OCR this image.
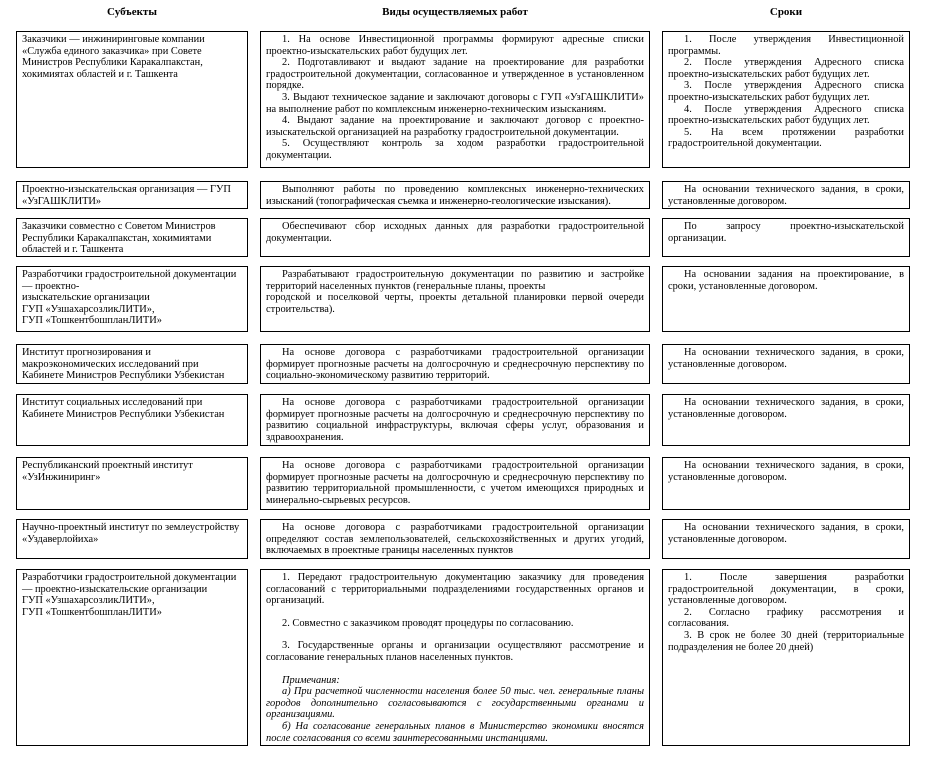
Субъекты	Виды осуществляемых работ	Сроки

Заказчики — инжиниринговые компании «Служба единого заказчика» при Совете Министров Республики Каракалпакстан, хокимиятах областей и г. Ташкента

1. На основе Инвестиционной программы формируют адресные списки проектно-изыскательских работ будущих лет.

2. Подготавливают и выдают задание на проектирование для разработки градостроительной документации, согласованное и утвержденное в установленном порядке.

3. Выдают техническое задание и заключают договоры с ГУП «УзГАШКЛИТИ» на выполнение работ по комплексным инженерно-техническим изысканиям.

4. Выдают задание на проектирование и заключают договор с проектно-изыскательской организацией на разработку градостроительной документации.

5. Осуществляют контроль за ходом разработки градостроительной документации.

1. После утверждения Инвестиционной программы.

2. После утверждения Адресного списка проектно-изыскательских работ будущих лет.

3. После утверждения Адресного списка проектно-изыскательских работ будущих лет.

4. После утверждения Адресного списка проектно-изыскательских работ будущих лет.

5. На всем протяжении разработки градостроительной документации.

Проектно-изыскательская организация — ГУП «УзГАШКЛИТИ»

Выполняют работы по проведению комплексных инженерно-технических изысканий (топографическая съемка и инженерно-геологические изыскания).

На основании технического задания, в сроки, установленные договором.

Заказчики совместно с Советом Министров Республики Каракалпакстан, хокимиятами областей и г. Ташкента

Обеспечивают сбор исходных данных для разработки градостроительной документации.

По запросу проектно-изыскательской организации.

Разработчики градостроительной документации — проектно-

изыскательские организации

ГУП «УзшахарсозликЛИТИ»,

ГУП «ТошкентбошпланЛИТИ»

Разрабатывают градостроительную документации по развитию и застройке территорий населенных пунктов (генеральные планы, проекты

городской и поселковой черты, проекты детальной планировки первой очереди строительства).

На основании задания на проектирование, в сроки, установленные договором.

Институт прогнозирования и макроэкономических исследований при Кабинете Министров Республики Узбекистан

На основе договора с разработчиками градостроительной организации формирует прогнозные расчеты на долгосрочную и среднесрочную перспективу по социально-экономическому развитию территорий.

На основании технического задания, в сроки, установленные договором.

Институт социальных исследований при Кабинете Министров Республики Узбекистан

На основе договора с разработчиками градостроительной организации формирует прогнозные расчеты на долгосрочную и среднесрочную перспективу по развитию социальной инфраструктуры, включая сферы услуг, образования и здравоохранения.

На основании технического задания, в сроки, установленные договором.

Республиканский проектный институт «УзИнжиниринг»

На основе договора с разработчиками градостроительной организации формирует прогнозные расчеты на долгосрочную и среднесрочную перспективу по развитию территориальной промышленности, с учетом имеющихся природных и минерально-сырьевых ресурсов.

На основании технического задания, в сроки, установленные договором.

Научно-проектный институт по землеустройству «Уздаверлойиха»

На основе договора с разработчиками градостроительной организации определяют состав землепользователей, сельскохозяйственных и других угодий, включаемых в проектные границы населенных пунктов

На основании технического задания, в сроки, установленные договором.

Разработчики градостроительной документации — проектно-изыскательские организации

ГУП «УзшахарсозликЛИТИ»,

ГУП «ТошкентбошпланЛИТИ»

1. Передают градостроительную документацию заказчику для проведения согласований с территориальными подразделениями государственных органов и организаций.

2. Совместно с заказчиком проводят процедуры по согласованию.

3. Государственные органы и организации осуществляют рассмотрение и согласование генеральных планов населенных пунктов.

Примечания:

а) При расчетной численности населения более 50 тыс. чел. генеральные планы городов дополнительно согласовываются с государственными органами и организациями.

б) На согласование генеральных планов в Министерство экономики вносятся после согласования со всеми заинтересованными инстанциями.

1. После завершения разработки градостроительной документации, в сроки, установленные договором.

2. Согласно графику рассмотрения и согласования.

3. В срок не более 30 дней (территориальные подразделения не более 20 дней)
